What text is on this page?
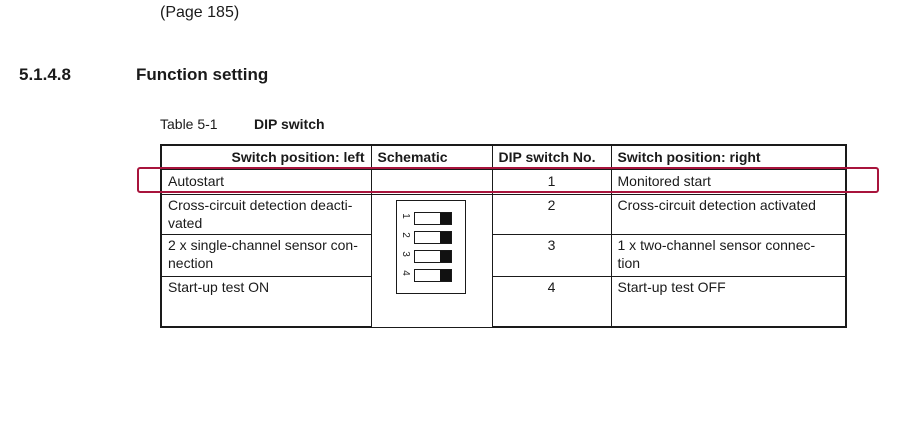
(Page 185)
5.1.4.8	Function setting
Table 5-1	DIP switch
Switch position: left	Schematic	DIP switch No.	Switch position: right
Autostart		1	Monitored start
Cross-circuit detection deacti-
vated		2	Cross-circuit detection activated
2 x single-channel sensor con-
nection		3	1 x two-channel sensor connec-
tion
Start-up test ON		4	Start-up test OFF
1
2
3
4
